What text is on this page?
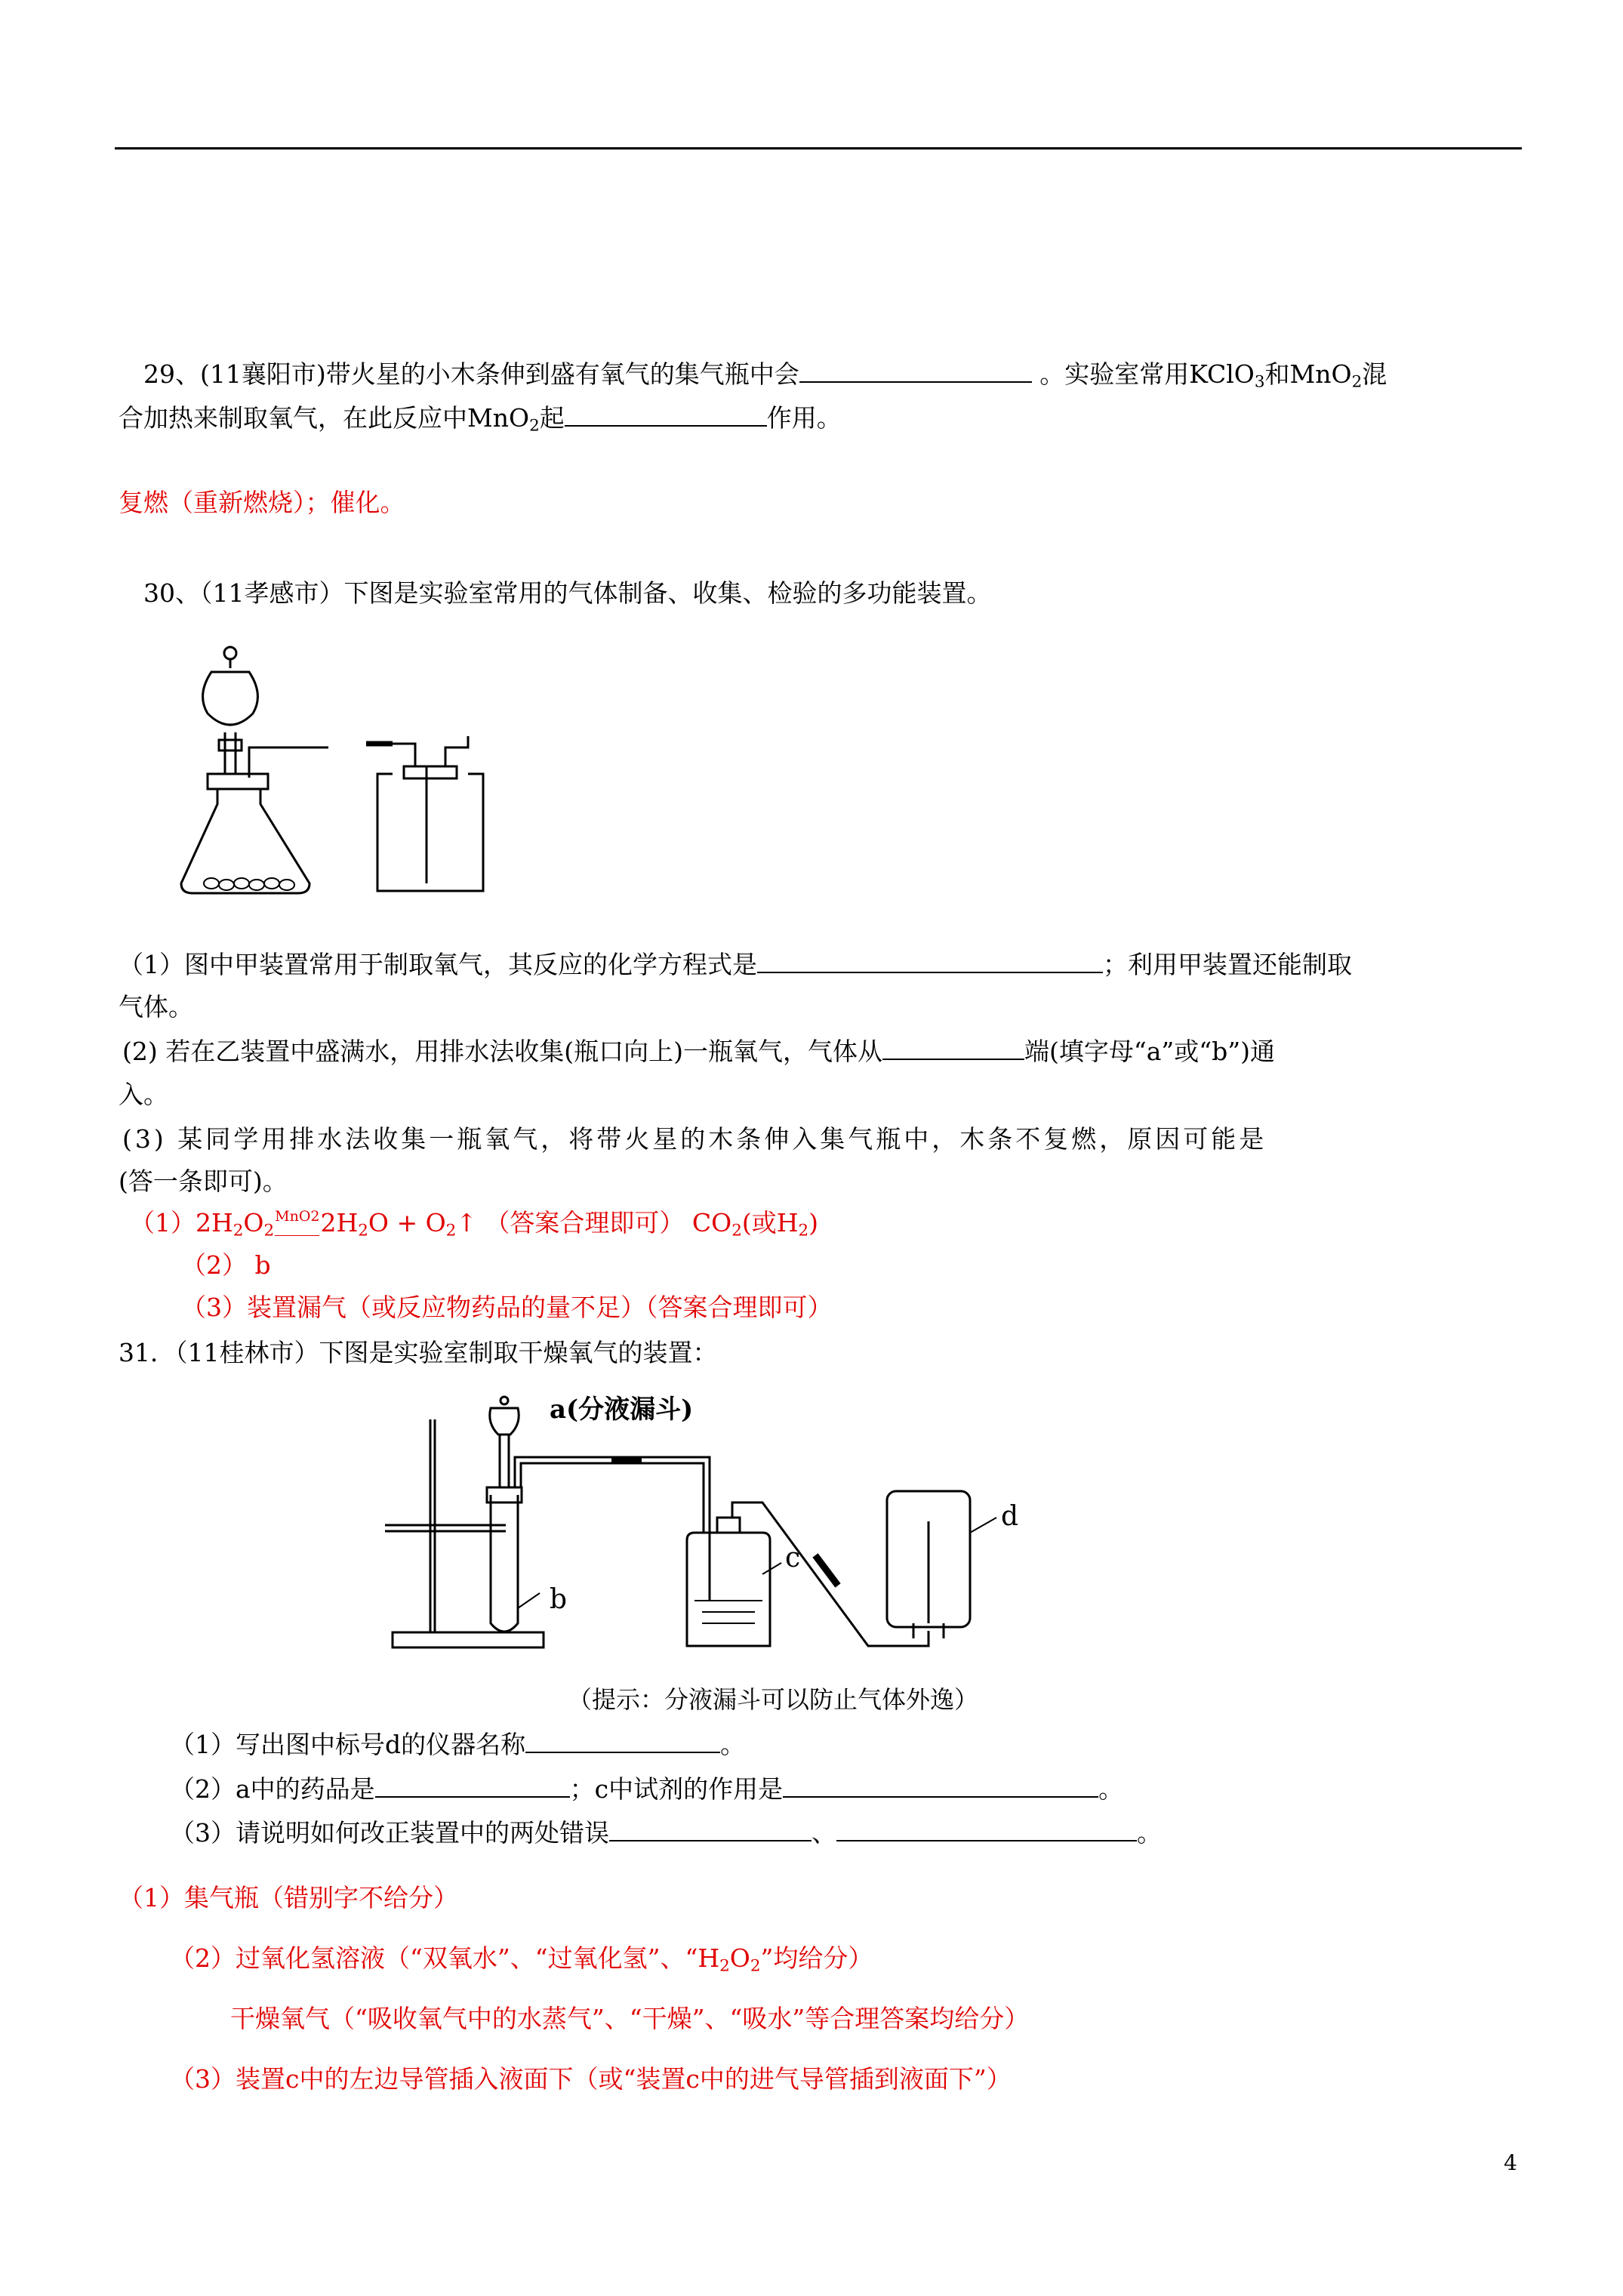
29、(11襄阳市)带火星的小木条伸到盛有氧气的集气瓶中会	。实验室常用KClO$_3$和MnO$_2$混
合加热来制取氧气，在此反应中MnO$_2$起	作用。
复燃（重新燃烧）；催化。
30、（11孝感市）下图是实验室常用的气体制备、收集、检验的多功能装置。
（1）图中甲装置常用于制取氧气，其反应的化学方程式是	；利用甲装置还能制取
气体。
(2) 若在乙装置中盛满水，用排水法收集(瓶口向上)一瓶氧气，气体从	端(填字母“a”或“b”)通
入。
(3) 某同学用排水法收集一瓶氧气，将带火星的木条伸入集气瓶中，木条不复燃，原因可能是
(答一条即可)。
$(1)2H_2O_2MnO22H_2O$ + $O_2↑$ （答案合理即可） $CO_2$(或$H_2$)
（2） b
（3）装置漏气（或反应物药品的量不足）（答案合理即可）
31．（11桂林市）下图是实验室制取干燥氧气的装置：
a(分液漏斗)
b
c
d
（提示：分液漏斗可以防止气体外逸）
（1）写出图中标号d的仪器名称	。
（2）a中的药品是	；c中试剂的作用是	。
（3）请说明如何改正装置中的两处错误	、	。
（1）集气瓶（错别字不给分）
（2）过氧化氢溶液（“双氧水”、“过氧化氢”、“$H_2O_2$”均给分）
干燥氧气（“吸收氧气中的水蒸气”、“干燥”、“吸水”等合理答案均给分）
（3）装置c中的左边导管插入液面下（或“装置c中的进气导管插到液面下”）
4
